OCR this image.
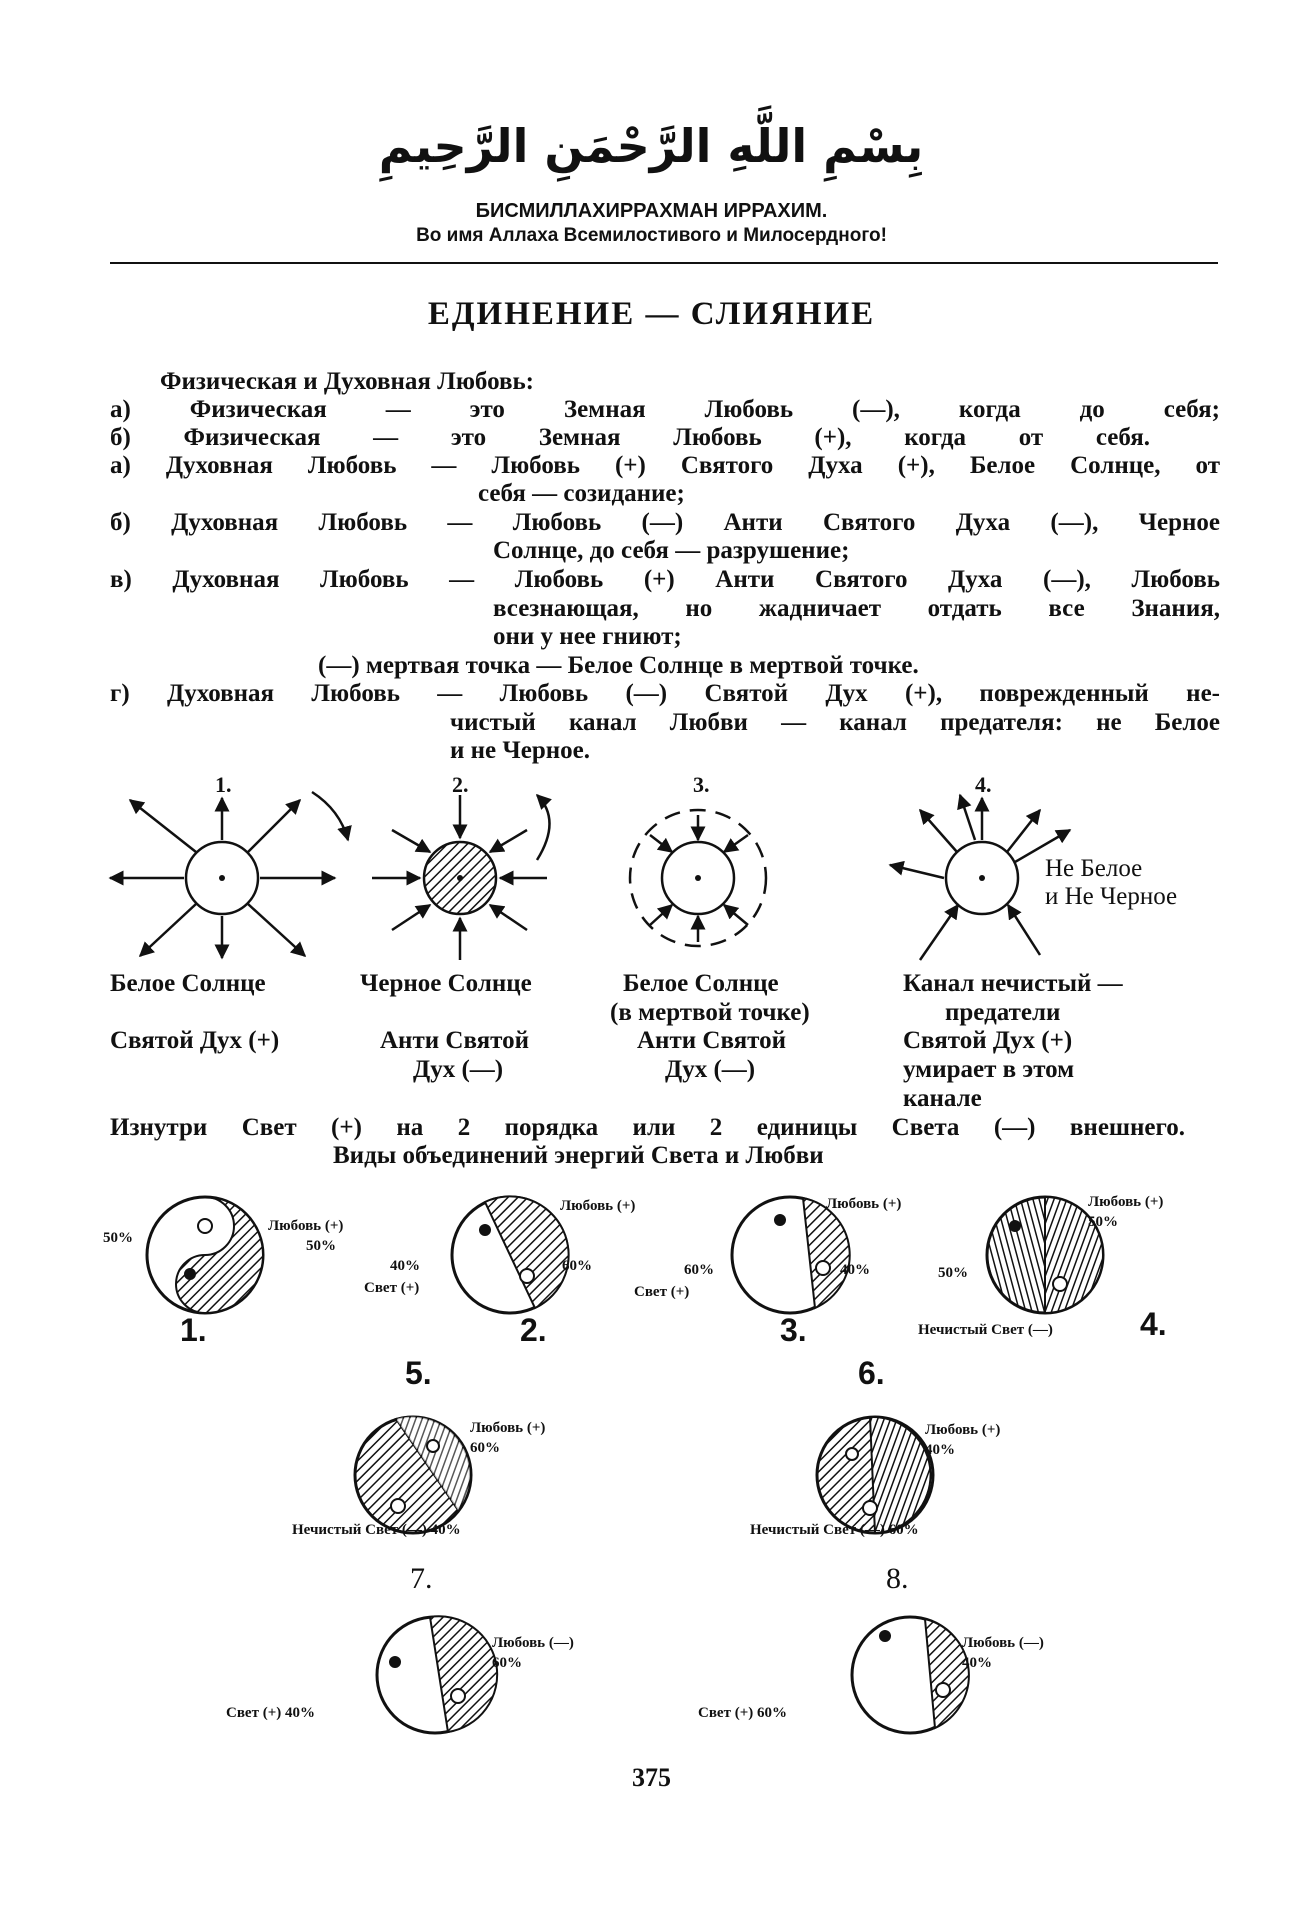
بِسْمِ اللَّهِ الرَّحْمَنِ الرَّحِيمِ
БИСМИЛЛАХИРРАХМАН ИРРАХИМ.
Во имя Аллаха Всемилостивого и Милосердного!
ЕДИНЕНИЕ — СЛИЯНИЕ
Физическая и Духовная Любовь:
а) Физическая — это Земная Любовь (—), когда до себя;
б) Физическая — это Земная Любовь (+), когда от себя.
а) Духовная Любовь — Любовь (+) Святого Духа (+), Белое Солнце, от
себя — созидание;
б) Духовная Любовь — Любовь (—) Анти Святого Духа (—), Черное
Солнце, до себя — разрушение;
в) Духовная Любовь — Любовь (+) Анти Святого Духа (—), Любовь
всезнающая, но жадничает отдать все Знания,
они у нее гниют;
(—) мертвая точка — Белое Солнце в мертвой точке.
г) Духовная Любовь — Любовь (—) Святой Дух (+), поврежденный не-
чистый канал Любви — канал предателя: не Белое
и не Черное.
1.	2.	3.	4.
Не Белое
и Не Черное
Белое Солнце
Святой Дух (+)
Черное Солнце
Анти Святой
Дух (—)
Белое Солнце
(в мертвой точке)
Анти Святой
Дух (—)
Канал нечистый —
предатели
Святой Дух (+)
умирает в этом
канале
Изнутри Свет (+) на 2 порядка или 2 единицы Света (—) внешнего.
Виды объединений энергий Света и Любви
50%
Любовь (+)
50%
1.
Любовь (+)
40%
Свет (+)
60%
2.
Любовь (+)
60%
Свет (+)
40%
3.
Любовь (+)
50%
50%
Нечистый Свет (—)	4.
5.
Любовь (+)
60%
Нечистый Свет (—) 40%
6.
Любовь (+)
40%
Нечистый Свет (—) 60%
7.
Любовь (—)
60%
Свет (+) 40%
8.
Любовь (—)
40%
Свет (+) 60%
375
